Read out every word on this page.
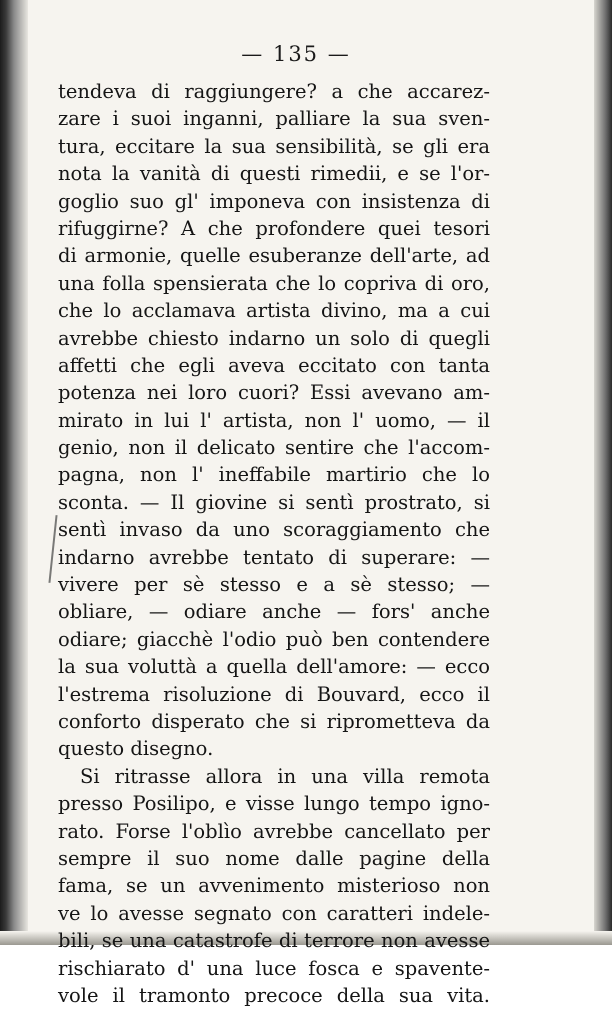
— 135 —
tendeva di raggiungere? a che accarez-
zare i suoi inganni, palliare la sua sven-
tura, eccitare la sua sensibilità, se gli era
nota la vanità di questi rimedii, e se l'or-
goglio suo gl' imponeva con insistenza di
rifuggirne? A che profondere quei tesori
di armonie, quelle esuberanze dell'arte, ad
una folla spensierata che lo copriva di oro,
che lo acclamava artista divino, ma a cui
avrebbe chiesto indarno un solo di quegli
affetti che egli aveva eccitato con tanta
potenza nei loro cuori? Essi avevano am-
mirato in lui l' artista, non l' uomo, — il
genio, non il delicato sentire che l'accom-
pagna, non l' ineffabile martirio che lo
sconta. — Il giovine si sentì prostrato, si
sentì invaso da uno scoraggiamento che
indarno avrebbe tentato di superare: —
vivere per sè stesso e a sè stesso; —
obliare, — odiare anche — fors' anche
odiare; giacchè l'odio può ben contendere
la sua voluttà a quella dell'amore: — ecco
l'estrema risoluzione di Bouvard, ecco il
conforto disperato che si riprometteva da
questo disegno.
Si ritrasse allora in una villa remota
presso Posilipo, e visse lungo tempo igno-
rato. Forse l'oblìo avrebbe cancellato per
sempre il suo nome dalle pagine della
fama, se un avvenimento misterioso non
ve lo avesse segnato con caratteri indele-
bili, se una catastrofe di terrore non avesse
rischiarato d' una luce fosca e spavente-
vole il tramonto precoce della sua vita.
